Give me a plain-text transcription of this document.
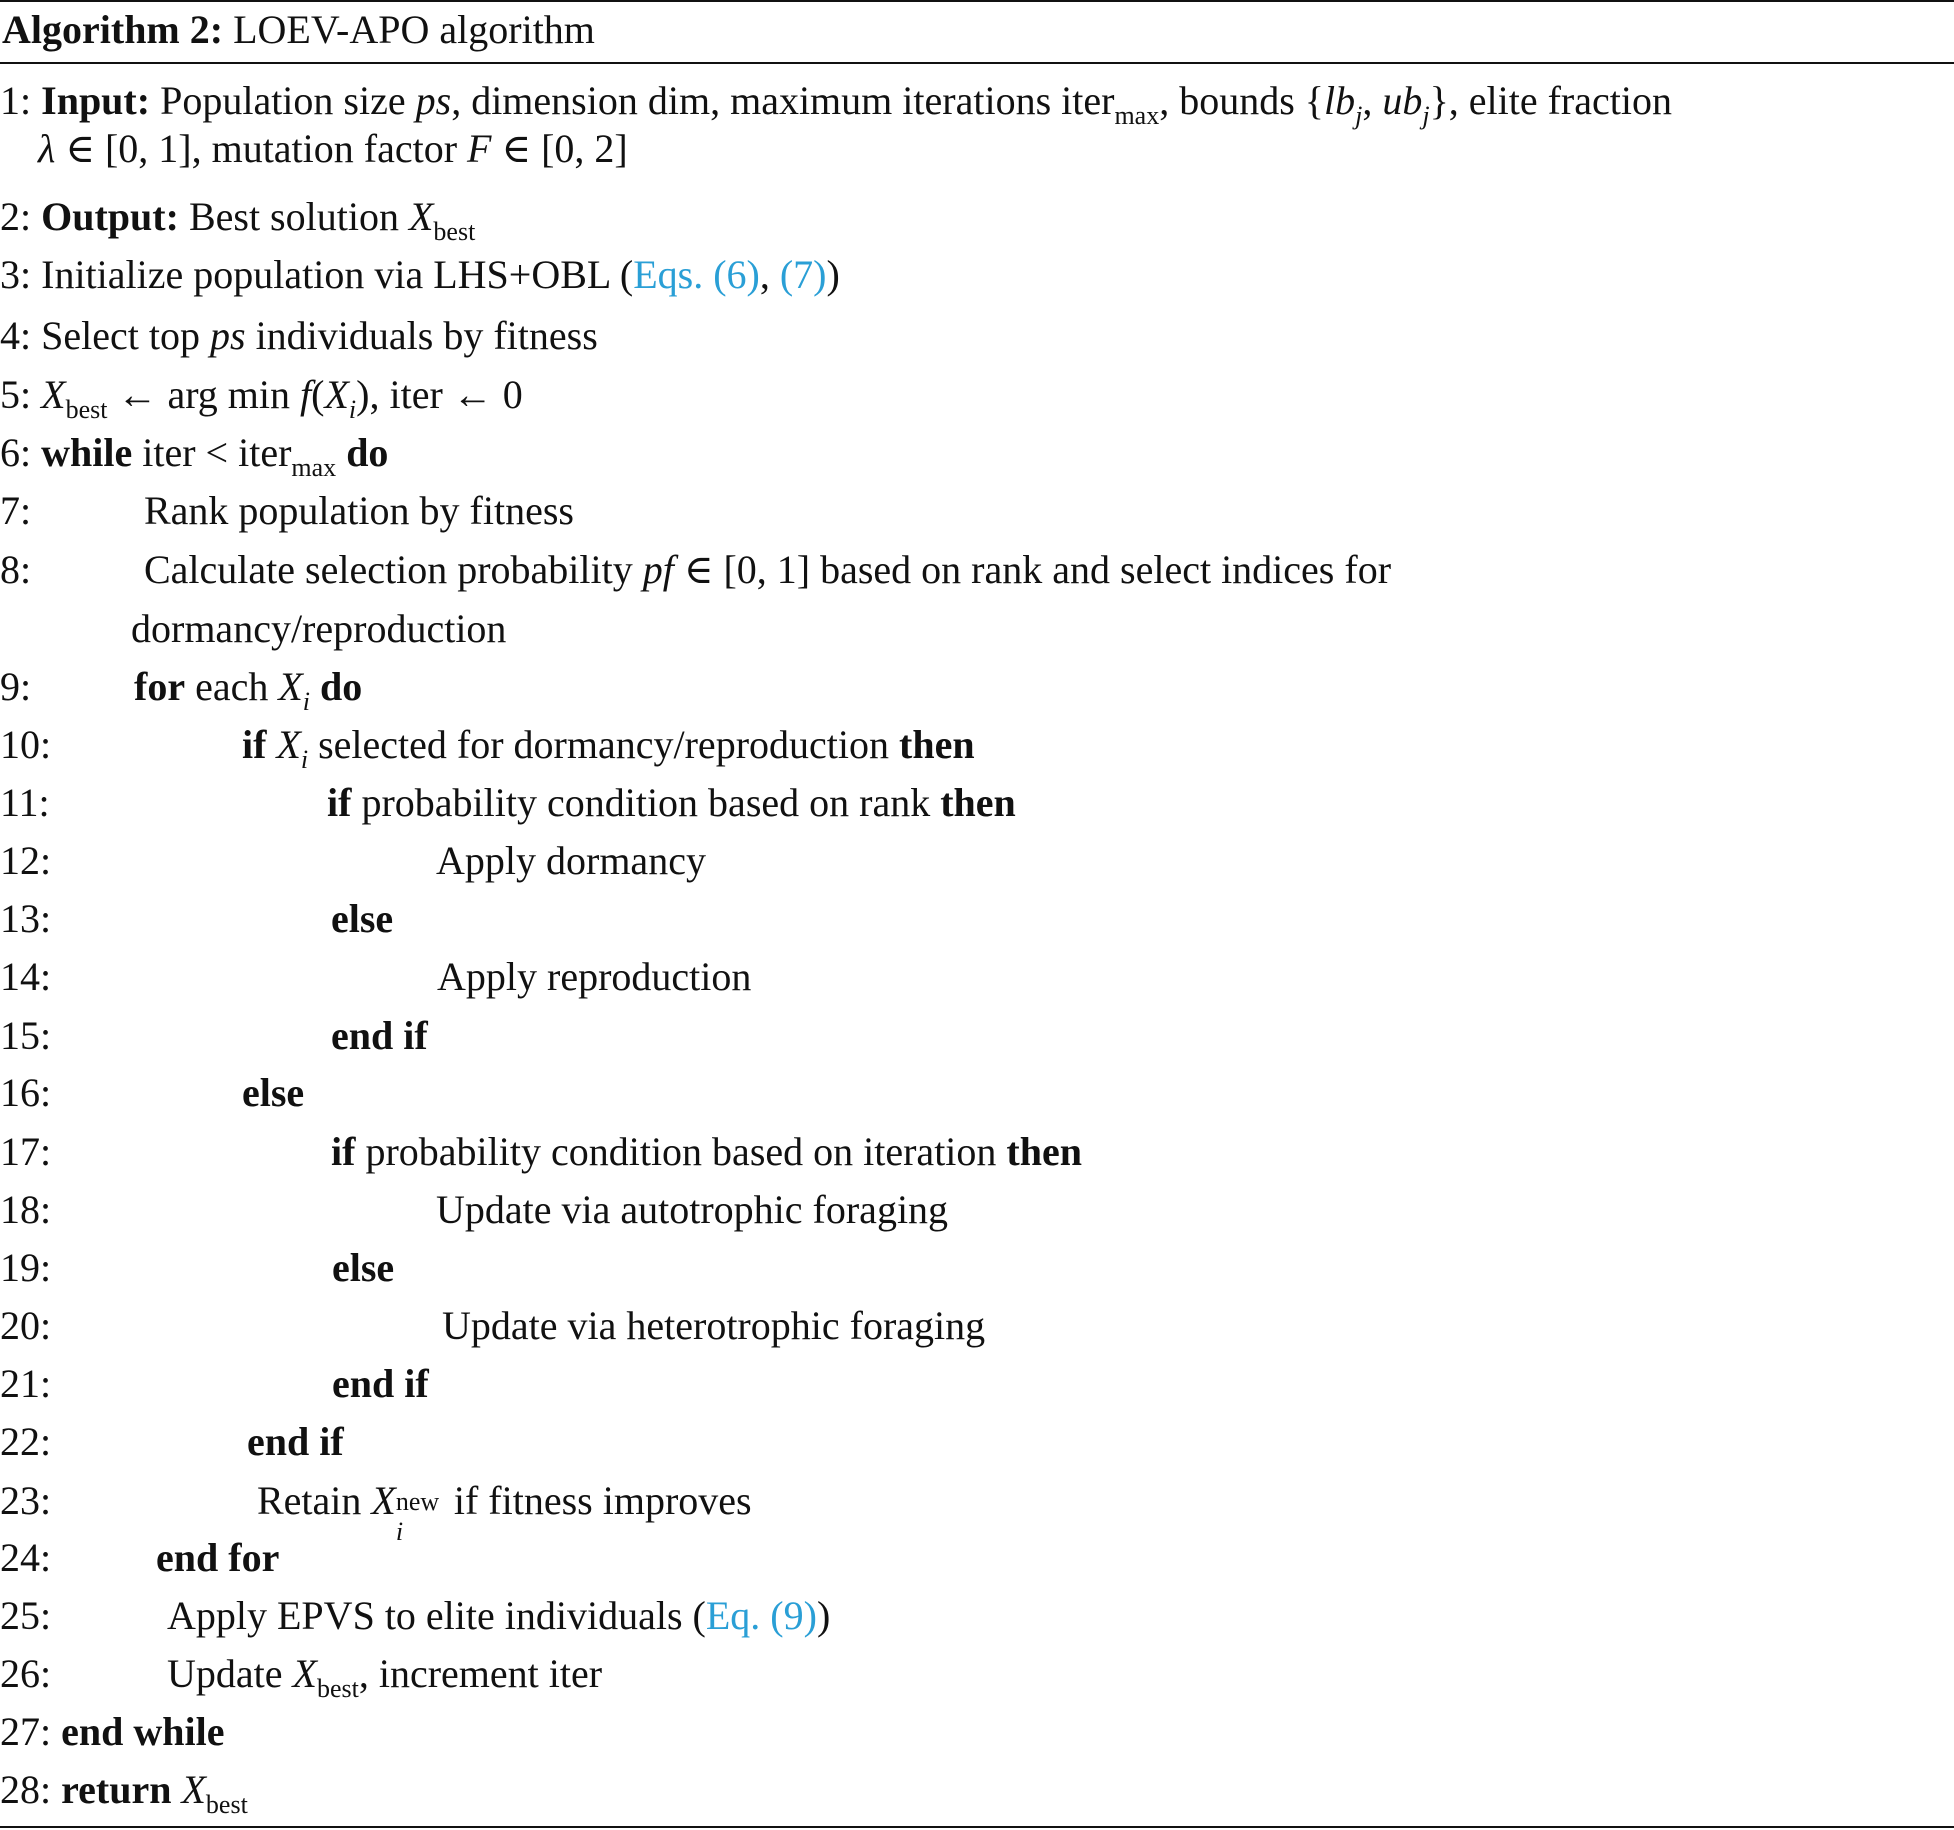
Algorithm 2: LOEV-APO algorithm
1: Input: Population size ps, dimension dim, maximum iterations iter$_{max}$, bounds {$lb_j$, $ub_j$}, elite fraction
λ ∈ [0, 1], mutation factor F ∈ [0, 2]
2: Output: Best solution $X_{best}$
3: Initialize population via LHS+OBL (Eqs. (6), (7))
4: Select top ps individuals by fitness
5: $X_{best}$ ← arg $\min f(X_i)$, iter ← 0
6: while iter < iter$_{max}$ do
7:	Rank population by fitness
8:	Calculate selection probability pf ∈ [0, 1] based on rank and select indices for
dormancy/reproduction
9:	for each $X_i$ do
10:	if $X_i$ selected for dormancy/reproduction then
11:	if probability condition based on rank then
12:	Apply dormancy
13:	else
14:	Apply reproduction
15:	end if
16:	else
17:	if probability condition based on iteration then
18:	Update via autotrophic foraging
19:	else
20:	Update via heterotrophic foraging
21:	end if
22:	end if
23:	Retain X new
i
if fitness improves
24:	end for
25:	Apply EPVS to elite individuals (Eq. (9))
26:	Update $X_{best}$, increment iter
27: end while
28: return $X_{best}$
